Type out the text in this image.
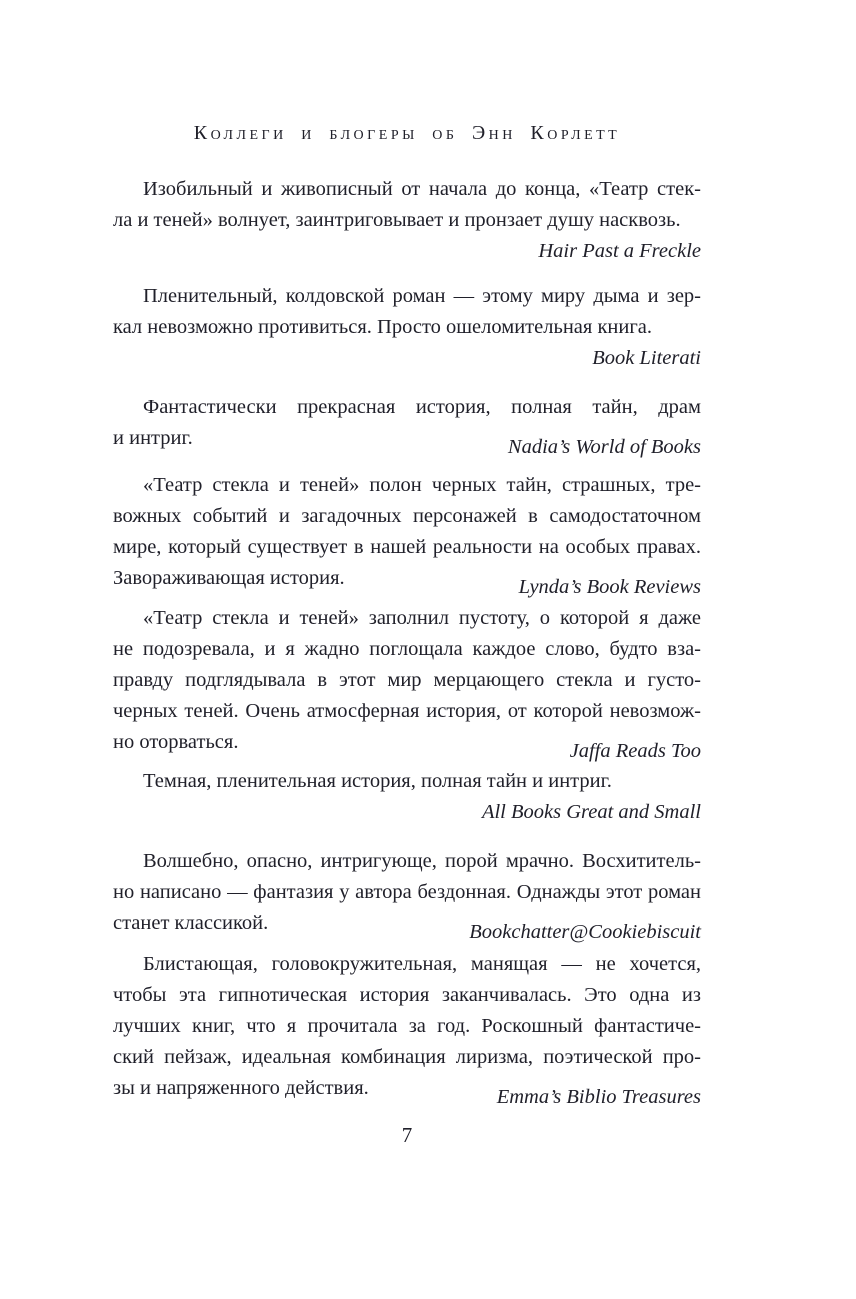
Коллеги и блогеры об Энн Корлетт

Изобильный и живописный от начала до конца, «Театр стек-

ла и теней» волнует, заинтриговывает и пронзает душу насквозь.

Hair Past a Freckle

Пленительный, колдовской роман — этому миру дыма и зер-

кал невозможно противиться. Просто ошеломительная книга.

Book Literati

Фантастически прекрасная история, полная тайн, драм

и интриг.	Nadia’s World of Books

«Театр стекла и теней» полон черных тайн, страшных, тре-

вожных событий и загадочных персонажей в самодостаточном

мире, который существует в нашей реальности на особых правах.

Завораживающая история.	Lynda’s Book Reviews

«Театр стекла и теней» заполнил пустоту, о которой я даже

не подозревала, и я жадно поглощала каждое слово, будто вза-

правду подглядывала в этот мир мерцающего стекла и густо-

черных теней. Очень атмосферная история, от которой невозмож-

но оторваться.	Jaffa Reads Too

Темная, пленительная история, полная тайн и интриг.

All Books Great and Small

Волшебно, опасно, интригующе, порой мрачно. Восхититель-

но написано — фантазия у автора бездонная. Однажды этот роман

станет классикой.	Bookchatter@Cookiebiscuit

Блистающая, головокружительная, манящая — не хочется,

чтобы эта гипнотическая история заканчивалась. Это одна из

лучших книг, что я прочитала за год. Роскошный фантастиче-

ский пейзаж, идеальная комбинация лиризма, поэтической про-

зы и напряженного действия.	Emma’s Biblio Treasures

7
